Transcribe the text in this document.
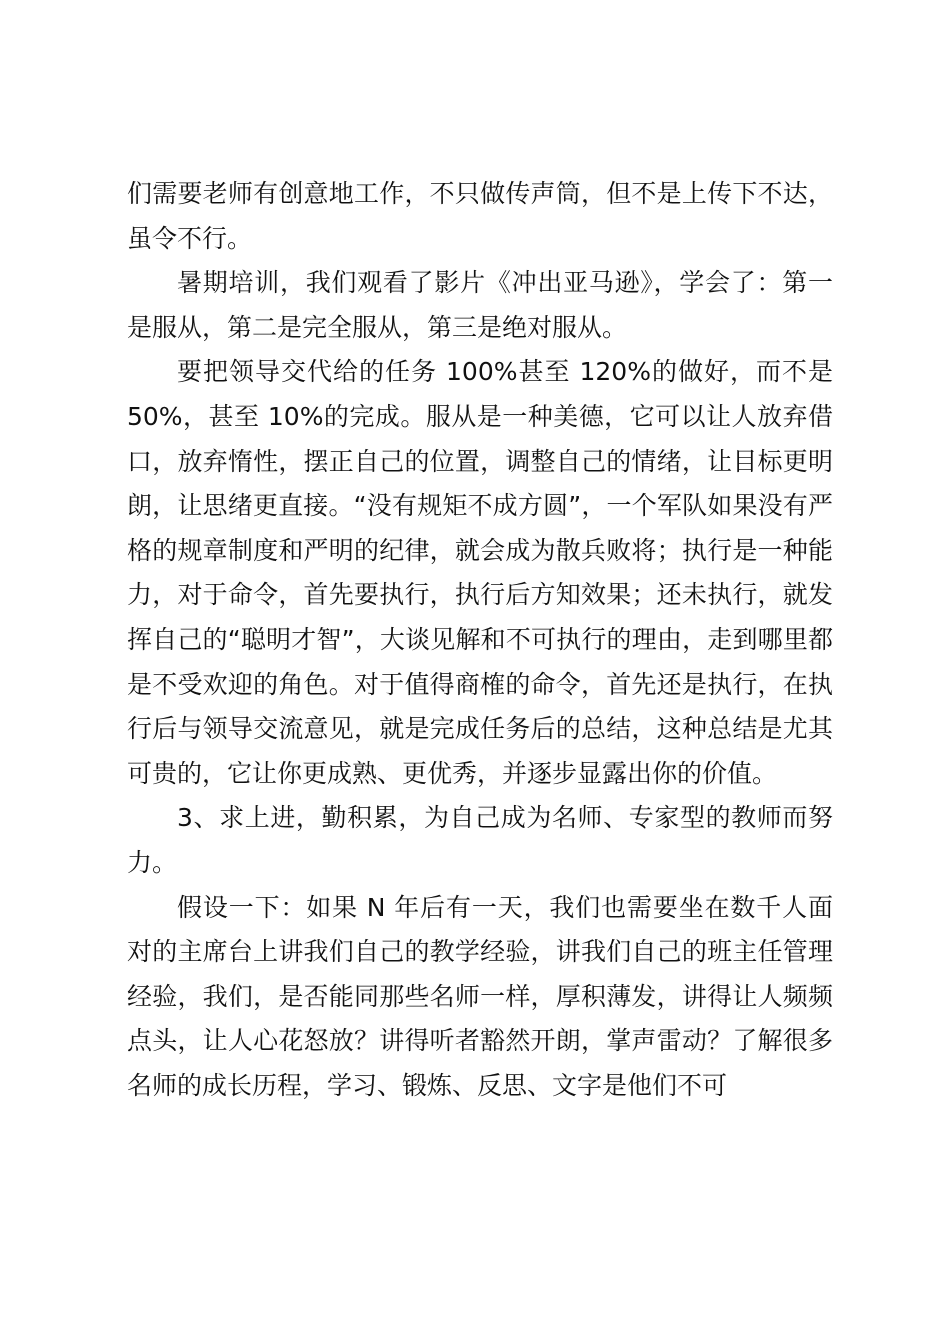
们需要老师有创意地工作，不只做传声筒，但不是上传下不达，虽令不行。

暑期培训，我们观看了影片《冲出亚马逊》，学会了：第一是服从，第二是完全服从，第三是绝对服从。

要把领导交代给的任务 100%甚至 120%的做好，而不是 50%，甚至 10%的完成。服从是一种美德，它可以让人放弃借口，放弃惰性，摆正自己的位置，调整自己的情绪，让目标更明朗，让思绪更直接。“没有规矩不成方圆”，一个军队如果没有严格的规章制度和严明的纪律，就会成为散兵败将；执行是一种能力，对于命令，首先要执行，执行后方知效果；还未执行，就发挥自己的“聪明才智”，大谈见解和不可执行的理由，走到哪里都是不受欢迎的角色。对于值得商榷的命令，首先还是执行，在执行后与领导交流意见，就是完成任务后的总结，这种总结是尤其可贵的，它让你更成熟、更优秀，并逐步显露出你的价值。

3、求上进，勤积累，为自己成为名师、专家型的教师而努力。

假设一下：如果 N 年后有一天，我们也需要坐在数千人面对的主席台上讲我们自己的教学经验，讲我们自己的班主任管理经验，我们，是否能同那些名师一样，厚积薄发，讲得让人频频点头，让人心花怒放？讲得听者豁然开朗，掌声雷动？了解很多名师的成长历程，学习、锻炼、反思、文字是他们不可
